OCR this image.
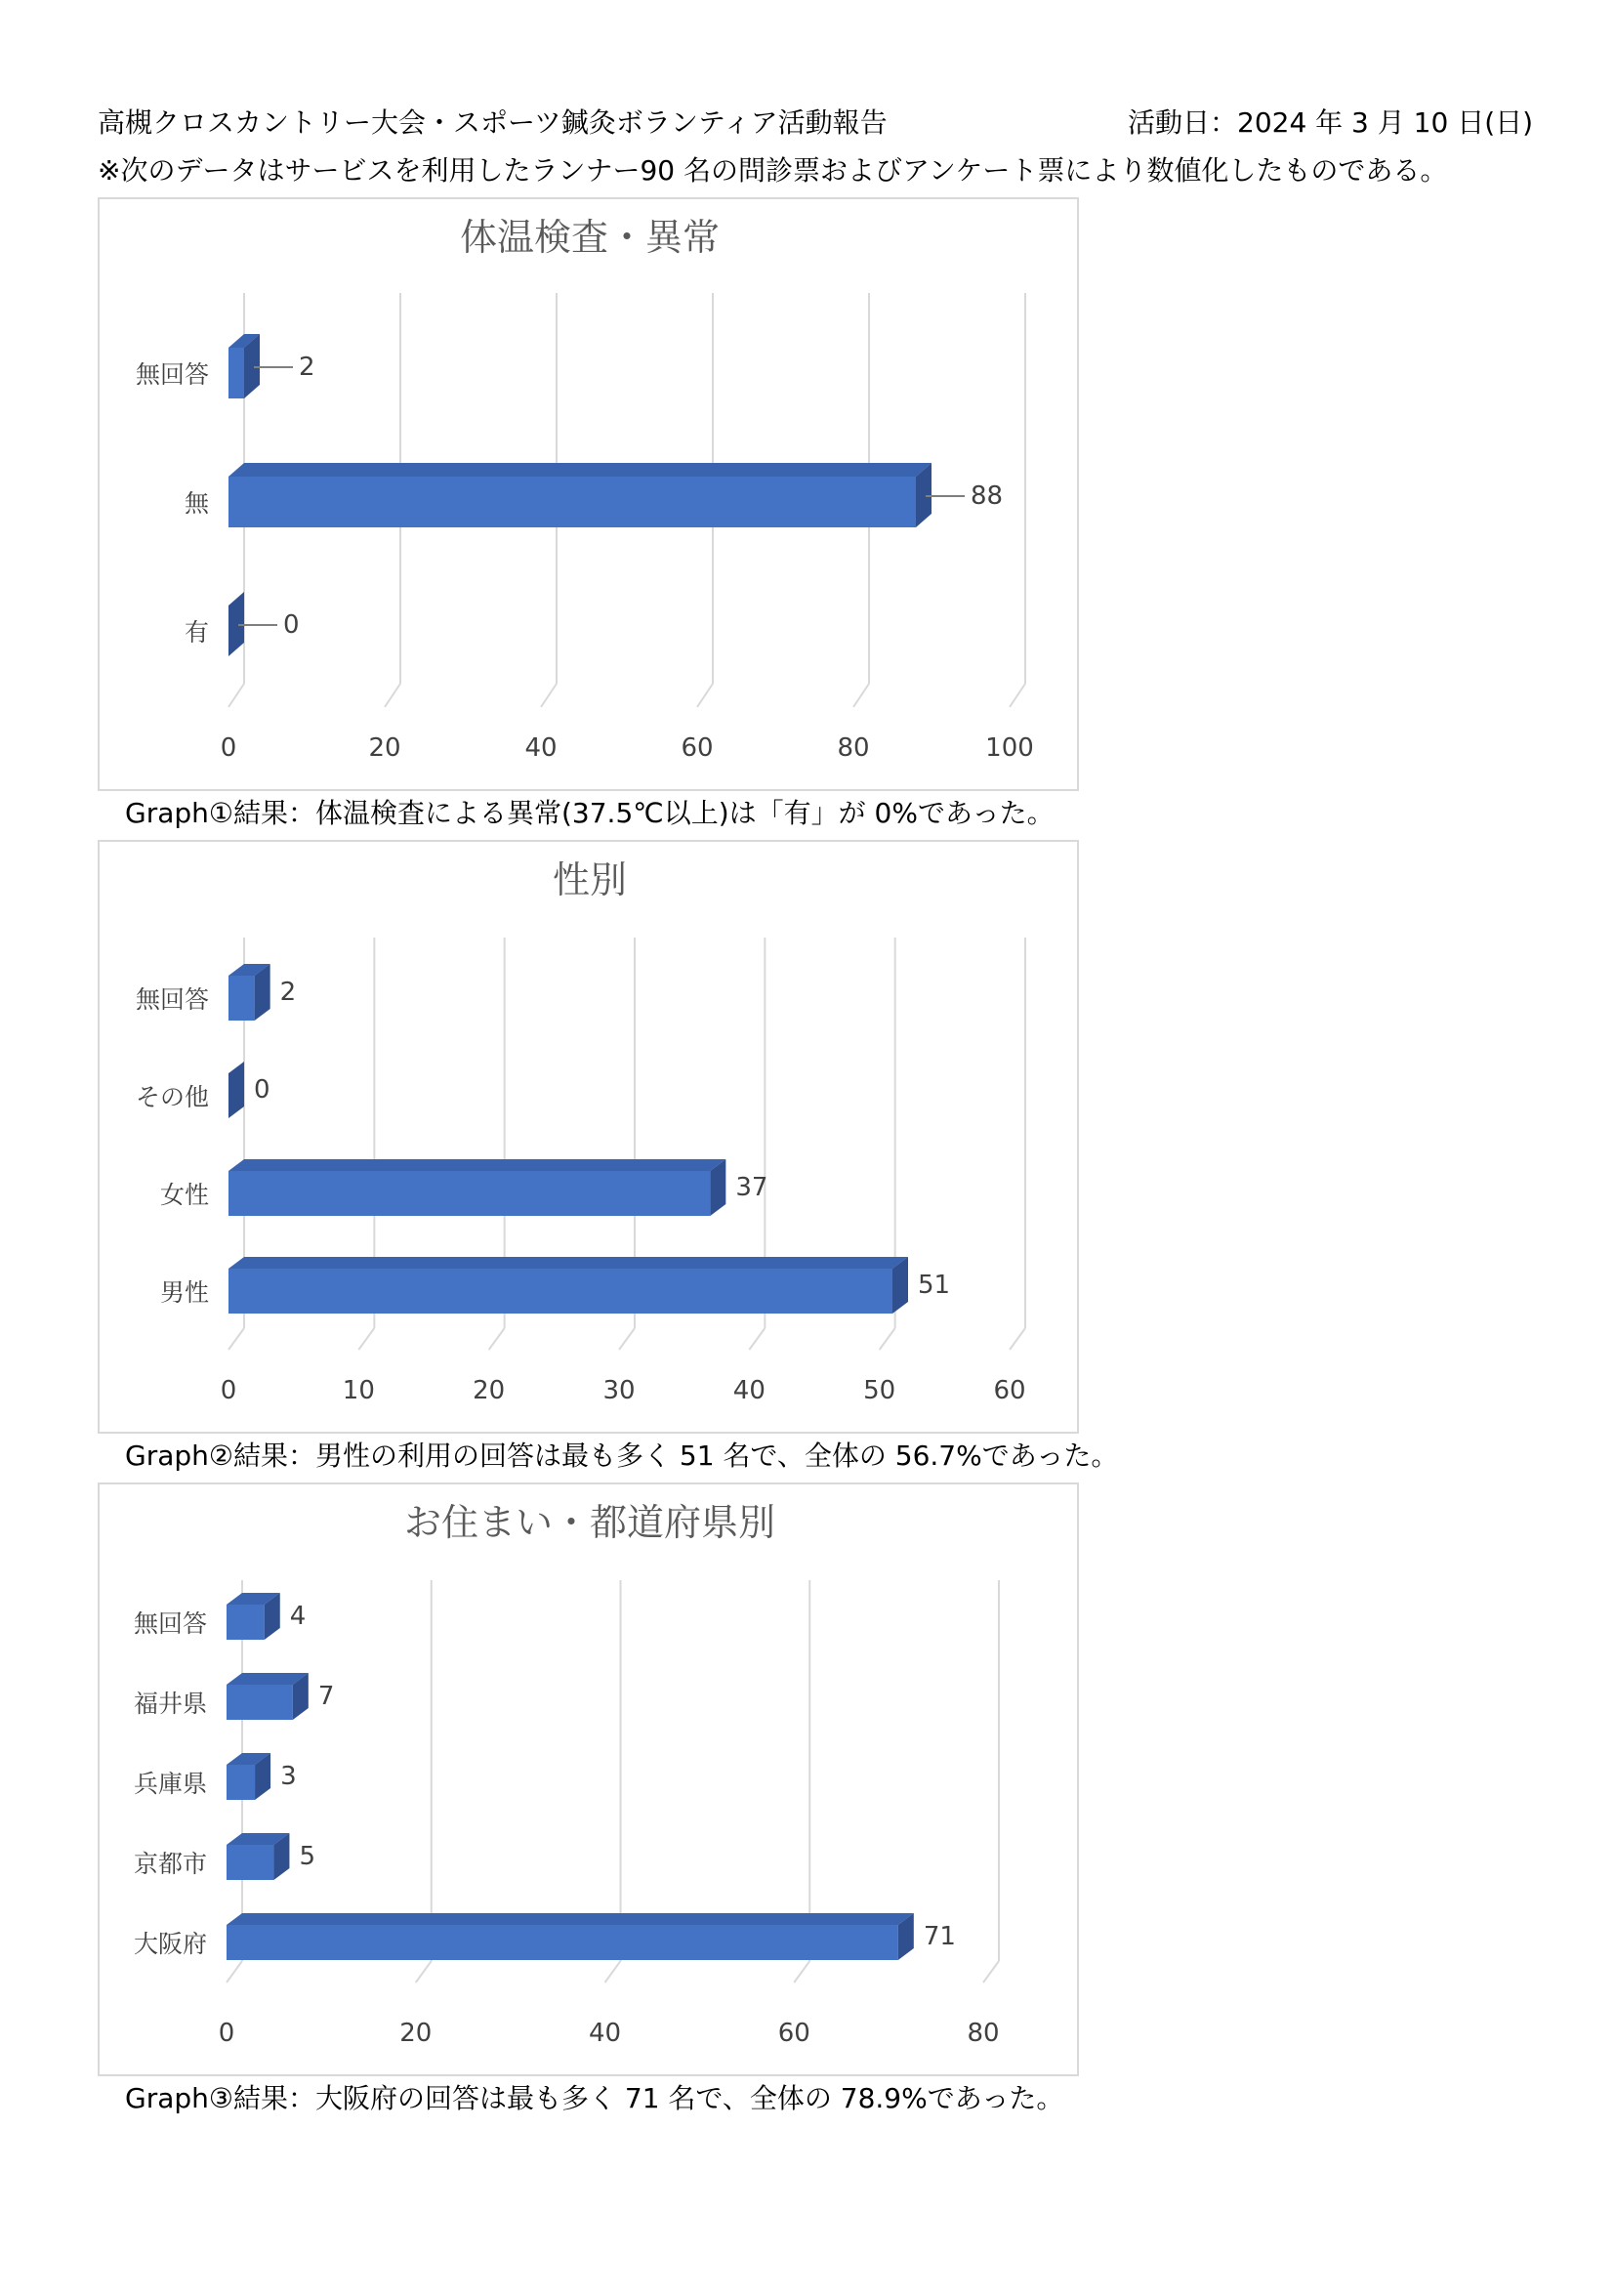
高槻クロスカントリー大会・スポーツ鍼灸ボランティア活動報告	活動日：2024 年 3 月 10 日(日)
※次のデータはサービスを利用したランナー90 名の問診票およびアンケート票により数値化したものである。
体温検査・異常
0	20	40	60	80	100
無回答	2
無	88
有	0
Graph①結果：体温検査による異常(37.5℃以上)は「有」が 0%であった。
性別
0	10	20	30	40	50	60
無回答	2
その他 0
女性	37
男性	51
Graph②結果：男性の利用の回答は最も多く 51 名で、全体の 56.7%であった。
お住まい・都道府県別
0	20	40	60	80
無回答	4
福井県	7
兵庫県	3
京都市	5
大阪府	71
Graph③結果：大阪府の回答は最も多く 71 名で、全体の 78.9%であった。
